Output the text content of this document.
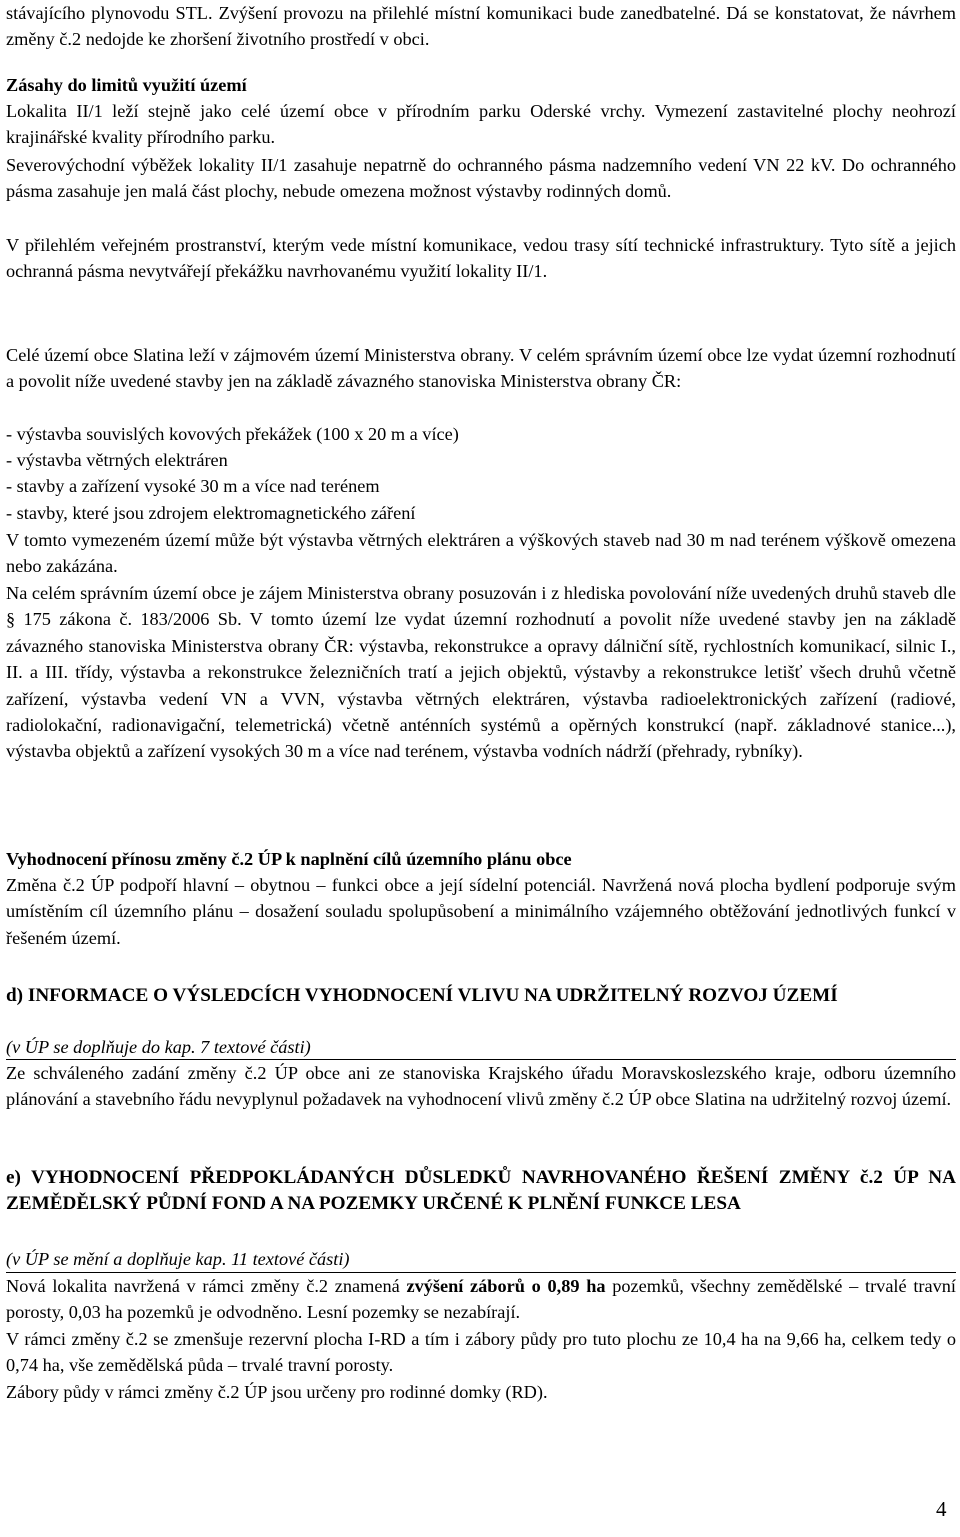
stávajícího plynovodu STL. Zvýšení provozu na přilehlé místní komunikaci bude zanedbatelné. Dá se konstatovat, že návrhem změny č.2 nedojde ke zhoršení životního prostředí v obci.

Zásahy do limitů využití území

Lokalita II/1 leží stejně jako celé území obce v přírodním parku Oderské vrchy. Vymezení zastavitelné plochy neohrozí krajinářské kvality přírodního parku.

Severovýchodní výběžek lokality II/1 zasahuje nepatrně do ochranného pásma nadzemního vedení VN 22 kV. Do ochranného pásma zasahuje jen malá část plochy, nebude omezena možnost výstavby rodinných domů.

V přilehlém veřejném prostranství, kterým vede místní komunikace, vedou trasy sítí technické infrastruktury. Tyto sítě a jejich ochranná pásma nevytvářejí překážku navrhovanému využití lokality II/1.

Celé území obce Slatina leží v zájmovém území Ministerstva obrany. V celém správním území obce lze vydat územní rozhodnutí a povolit níže uvedené stavby jen na základě závazného stanoviska Ministerstva obrany ČR:

- výstavba souvislých kovových překážek (100 x 20 m a více)

- výstavba větrných elektráren

- stavby a zařízení vysoké 30 m a více nad terénem

- stavby, které jsou zdrojem elektromagnetického záření

V tomto vymezeném území může být výstavba větrných elektráren a výškových staveb nad 30 m nad terénem výškově omezena nebo zakázána.

Na celém správním území obce je zájem Ministerstva obrany posuzován i z hlediska povolování níže uvedených druhů staveb dle § 175 zákona č. 183/2006 Sb. V tomto území lze vydat územní rozhodnutí a povolit níže uvedené stavby jen na základě závazného stanoviska Ministerstva obrany ČR: výstavba, rekonstrukce a opravy dálniční sítě, rychlostních komunikací, silnic I., II. a III. třídy, výstavba a rekonstrukce železničních tratí a jejich objektů, výstavby a rekonstrukce letišť všech druhů včetně zařízení, výstavba vedení VN a VVN, výstavba větrných elektráren, výstavba radioelektronických zařízení (radiové, radiolokační, radionavigační, telemetrická) včetně anténních systémů a opěrných konstrukcí (např. základnové stanice...), výstavba objektů a zařízení vysokých 30 m a více nad terénem, výstavba vodních nádrží (přehrady, rybníky).

Vyhodnocení přínosu změny č.2 ÚP k naplnění cílů územního plánu obce

Změna č.2 ÚP podpoří hlavní – obytnou – funkci obce a její sídelní potenciál. Navržená nová plocha bydlení podporuje svým umístěním cíl územního plánu – dosažení souladu spolupůsobení a minimálního vzájemného obtěžování jednotlivých funkcí v řešeném území.

d) INFORMACE O VÝSLEDCÍCH VYHODNOCENÍ VLIVU NA UDRŽITELNÝ ROZVOJ ÚZEMÍ

(v ÚP se doplňuje do kap. 7 textové části)

Ze schváleného zadání změny č.2 ÚP obce ani ze stanoviska Krajského úřadu Moravskoslezského kraje, odboru územního plánování a stavebního řádu nevyplynul požadavek na vyhodnocení vlivů změny č.2 ÚP obce Slatina na udržitelný rozvoj území.

e) VYHODNOCENÍ PŘEDPOKLÁDANÝCH DŮSLEDKŮ NAVRHOVANÉHO ŘEŠENÍ ZMĚNY č.2 ÚP NA ZEMĚDĚLSKÝ PŮDNÍ FOND A NA POZEMKY URČENÉ K PLNĚNÍ FUNKCE LESA

(v ÚP se mění a doplňuje kap. 11 textové části)

Nová lokalita navržená v rámci změny č.2 znamená zvýšení záborů o 0,89 ha pozemků, všechny zemědělské – trvalé travní porosty, 0,03 ha pozemků je odvodněno. Lesní pozemky se nezabírají.

V rámci změny č.2 se zmenšuje rezervní plocha I-RD a tím i zábory půdy pro tuto plochu ze 10,4 ha na 9,66 ha, celkem tedy o 0,74 ha, vše zemědělská půda – trvalé travní porosty.

Zábory půdy v rámci změny č.2 ÚP jsou určeny pro rodinné domky (RD).

4
